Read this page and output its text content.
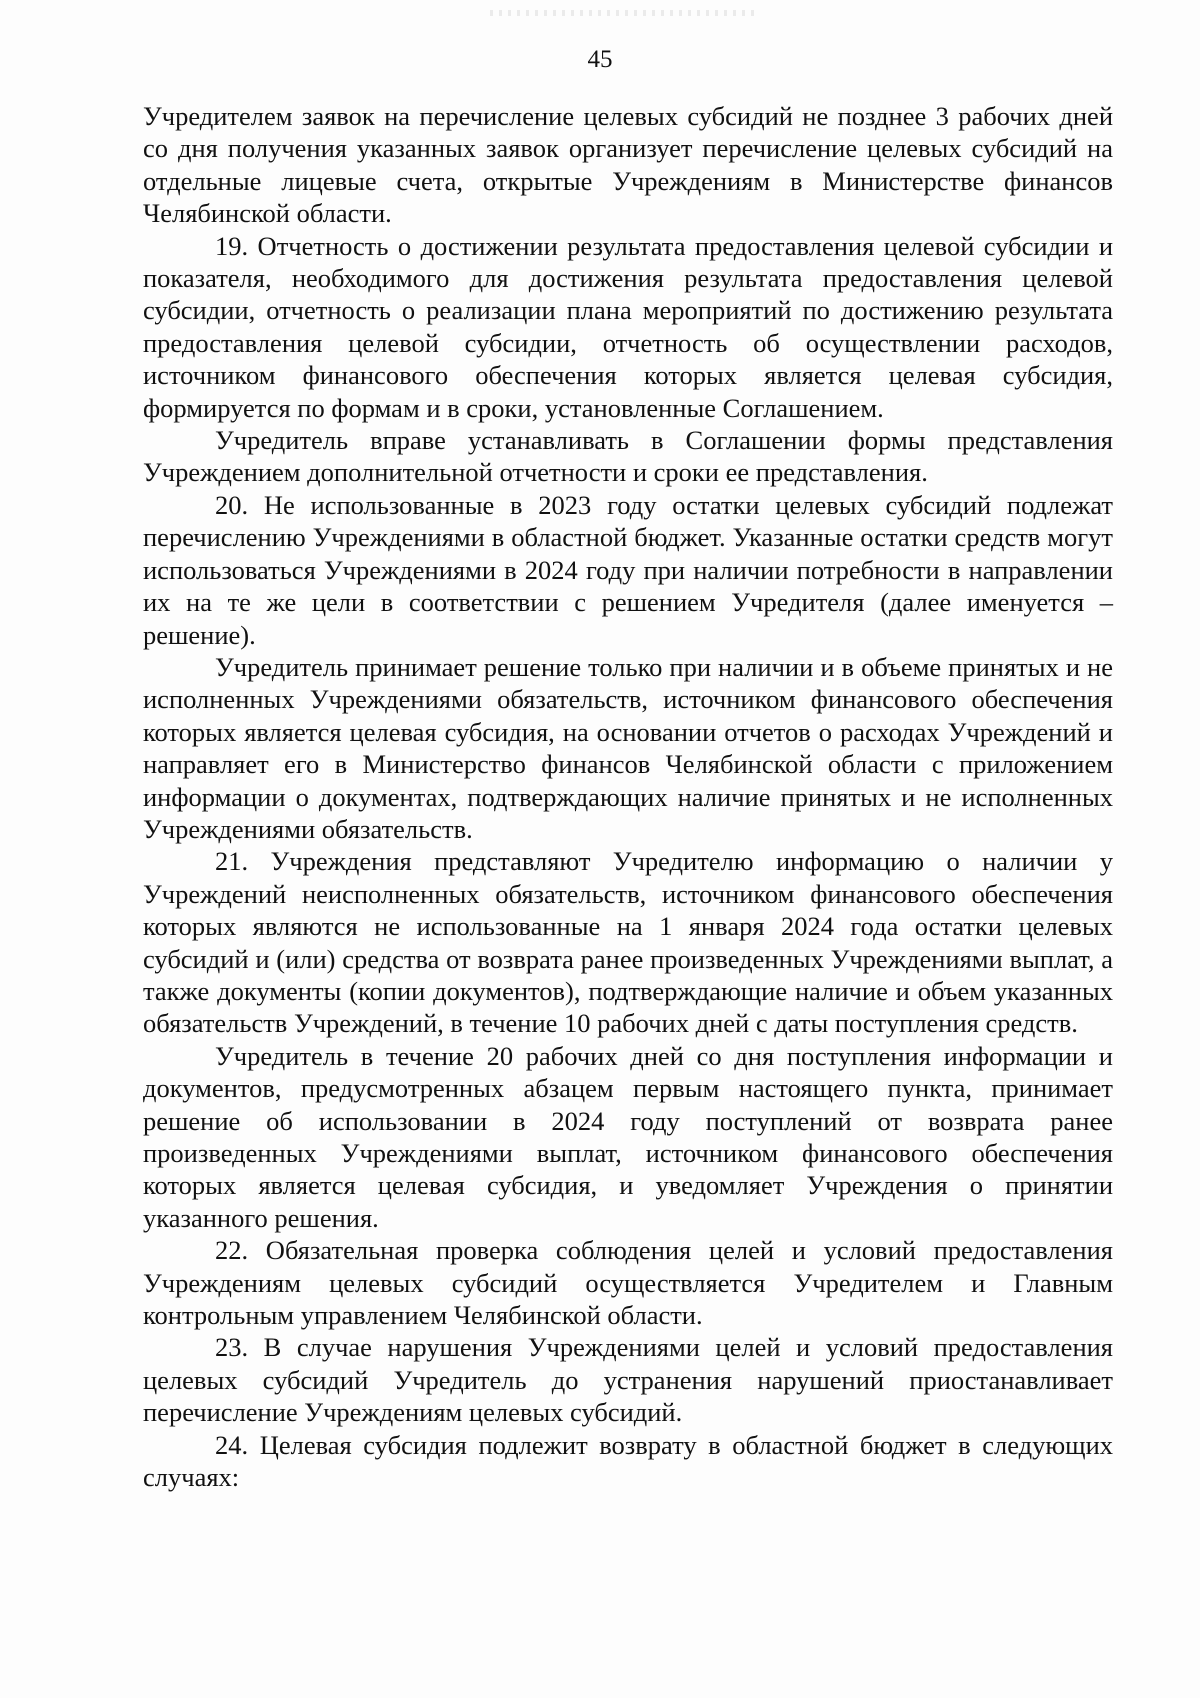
45

Учредителем заявок на перечисление целевых субсидий не позднее 3 рабочих дней со дня получения указанных заявок организует перечисление целевых субсидий на отдельные лицевые счета, открытые Учреждениям в Министерстве финансов Челябинской области.

19. Отчетность о достижении результата предоставления целевой субсидии и показателя, необходимого для достижения результата предоставления целевой субсидии, отчетность о реализации плана мероприятий по достижению результата предоставления целевой субсидии, отчетность об осуществлении расходов, источником финансового обеспечения которых является целевая субсидия, формируется по формам и в сроки, установленные Соглашением.

Учредитель вправе устанавливать в Соглашении формы представления Учреждением дополнительной отчетности и сроки ее представления.

20. Не использованные в 2023 году остатки целевых субсидий подлежат перечислению Учреждениями в областной бюджет. Указанные остатки средств могут использоваться Учреждениями в 2024 году при наличии потребности в направлении их на те же цели в соответствии с решением Учредителя (далее именуется – решение).

Учредитель принимает решение только при наличии и в объеме принятых и не исполненных Учреждениями обязательств, источником финансового обеспечения которых является целевая субсидия, на основании отчетов о расходах Учреждений и направляет его в Министерство финансов Челябинской области с приложением информации о документах, подтверждающих наличие принятых и не исполненных Учреждениями обязательств.

21. Учреждения представляют Учредителю информацию о наличии у Учреждений неисполненных обязательств, источником финансового обеспечения которых являются не использованные на 1 января 2024 года остатки целевых субсидий и (или) средства от возврата ранее произведенных Учреждениями выплат, а также документы (копии документов), подтверждающие наличие и объем указанных обязательств Учреждений, в течение 10 рабочих дней с даты поступления средств.

Учредитель в течение 20 рабочих дней со дня поступления информации и документов, предусмотренных абзацем первым настоящего пункта, принимает решение об использовании в 2024 году поступлений от возврата ранее произведенных Учреждениями выплат, источником финансового обеспечения которых является целевая субсидия, и уведомляет Учреждения о принятии указанного решения.

22. Обязательная проверка соблюдения целей и условий предоставления Учреждениям целевых субсидий осуществляется Учредителем и Главным контрольным управлением Челябинской области.

23. В случае нарушения Учреждениями целей и условий предоставления целевых субсидий Учредитель до устранения нарушений приостанавливает перечисление Учреждениям целевых субсидий.

24. Целевая субсидия подлежит возврату в областной бюджет в следующих случаях:
